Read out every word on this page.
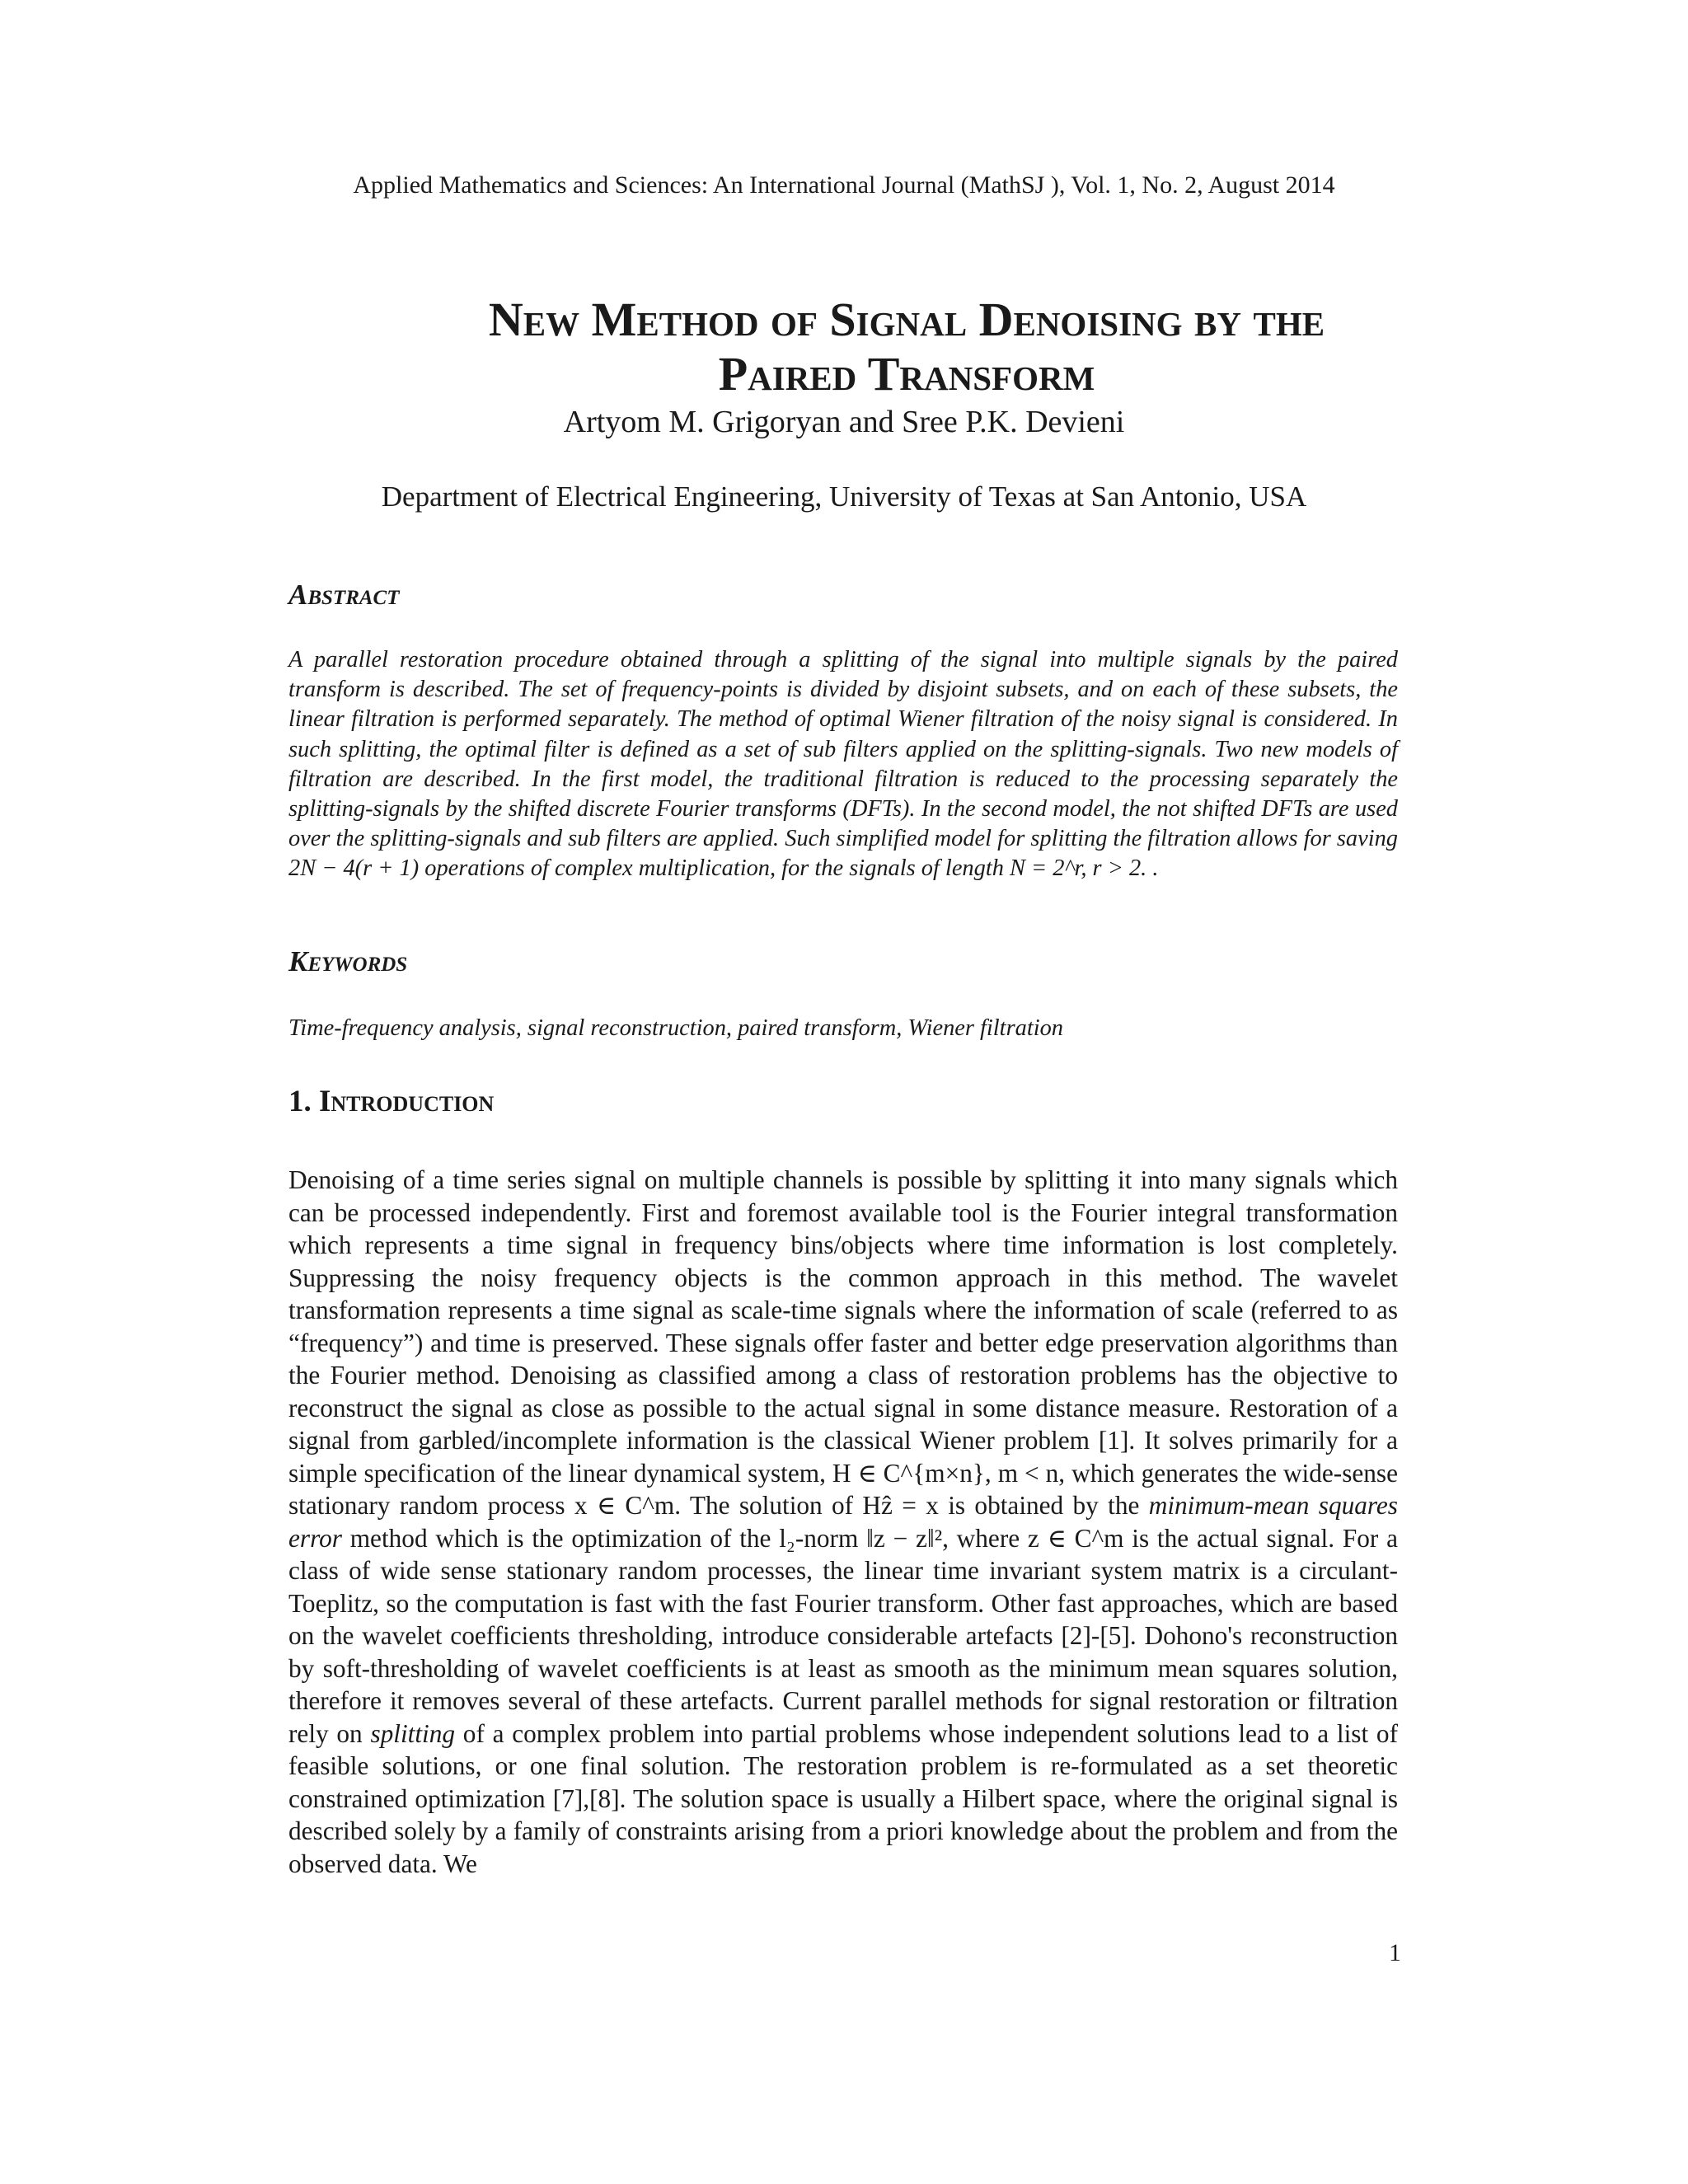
Applied Mathematics and Sciences: An International Journal (MathSJ ), Vol. 1, No. 2, August 2014
New Method of Signal Denoising by the
Paired Transform
Artyom M. Grigoryan and Sree P.K. Devieni
Department of Electrical Engineering, University of Texas at San Antonio, USA
Abstract
A parallel restoration procedure obtained through a splitting of the signal into multiple signals by the paired transform is described. The set of frequency-points is divided by disjoint subsets, and on each of these subsets, the linear filtration is performed separately. The method of optimal Wiener filtration of the noisy signal is considered. In such splitting, the optimal filter is defined as a set of sub filters applied on the splitting-signals. Two new models of filtration are described. In the first model, the traditional filtration is reduced to the processing separately the splitting-signals by the shifted discrete Fourier transforms (DFTs). In the second model, the not shifted DFTs are used over the splitting-signals and sub filters are applied. Such simplified model for splitting the filtration allows for saving 2N − 4(r + 1) operations of complex multiplication, for the signals of length N = 2^r, r > 2. .
Keywords
Time-frequency analysis, signal reconstruction, paired transform, Wiener filtration
1. Introduction
Denoising of a time series signal on multiple channels is possible by splitting it into many signals which can be processed independently. First and foremost available tool is the Fourier integral transformation which represents a time signal in frequency bins/objects where time information is lost completely. Suppressing the noisy frequency objects is the common approach in this method. The wavelet transformation represents a time signal as scale-time signals where the information of scale (referred to as “frequency”) and time is preserved. These signals offer faster and better edge preservation algorithms than the Fourier method. Denoising as classified among a class of restoration problems has the objective to reconstruct the signal as close as possible to the actual signal in some distance measure. Restoration of a signal from garbled/incomplete information is the classical Wiener problem [1]. It solves primarily for a simple specification of the linear dynamical system, H ∈ C^{m×n}, m < n, which generates the wide-sense stationary random process x ∈ C^m. The solution of Hẑ = x is obtained by the minimum-mean squares error method which is the optimization of the l₂-norm ‖z − z‖², where z ∈ C^m is the actual signal. For a class of wide sense stationary random processes, the linear time invariant system matrix is a circulant-Toeplitz, so the computation is fast with the fast Fourier transform. Other fast approaches, which are based on the wavelet coefficients thresholding, introduce considerable artefacts [2]-[5]. Dohono's reconstruction by soft-thresholding of wavelet coefficients is at least as smooth as the minimum mean squares solution, therefore it removes several of these artefacts. Current parallel methods for signal restoration or filtration rely on splitting of a complex problem into partial problems whose independent solutions lead to a list of feasible solutions, or one final solution. The restoration problem is re-formulated as a set theoretic constrained optimization [7],[8]. The solution space is usually a Hilbert space, where the original signal is described solely by a family of constraints arising from a priori knowledge about the problem and from the observed data. We
1
